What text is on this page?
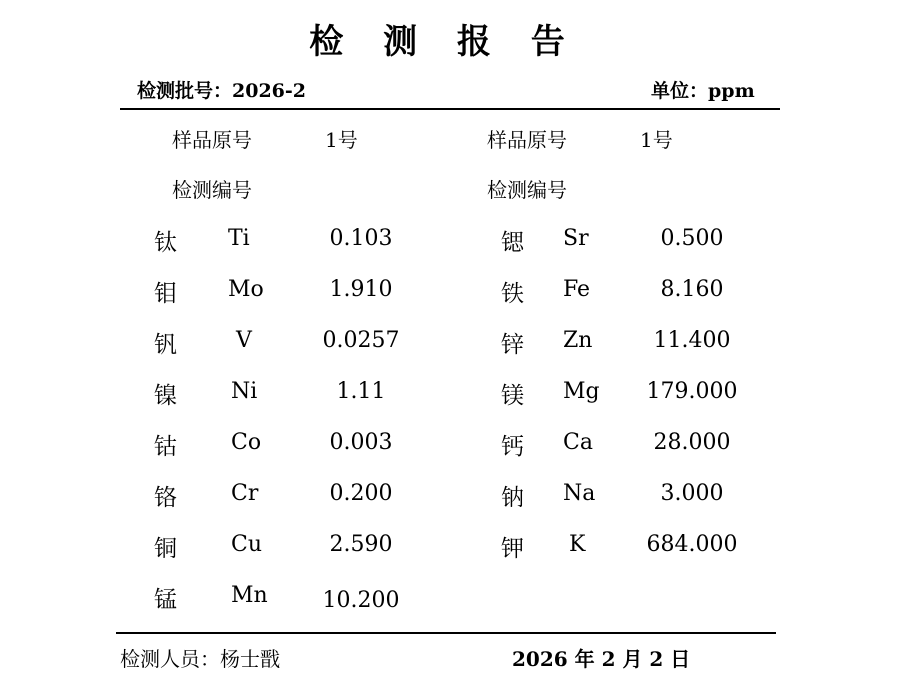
检 测 报 告
检测批号：2026-2	单位：ppm
样品原号	1号
检测编号
样品原号	1号
检测编号
钛 Ti	0.103
钼 Mo	1.910
钒	V	0.0257
镍 Ni	1.11
钴 Co	0.003
铬 Cr	0.200
铜 Cu	2.590
锰 Mn	10.200
锶 Sr	0.500
铁 Fe	8.160
锌 Zn	11.400
镁 Mg	179.000
钙 Ca	28.000
钠 Na	3.000
钾 K	684.000
检测人员：杨士戬	2026 年 2 月 2 日
